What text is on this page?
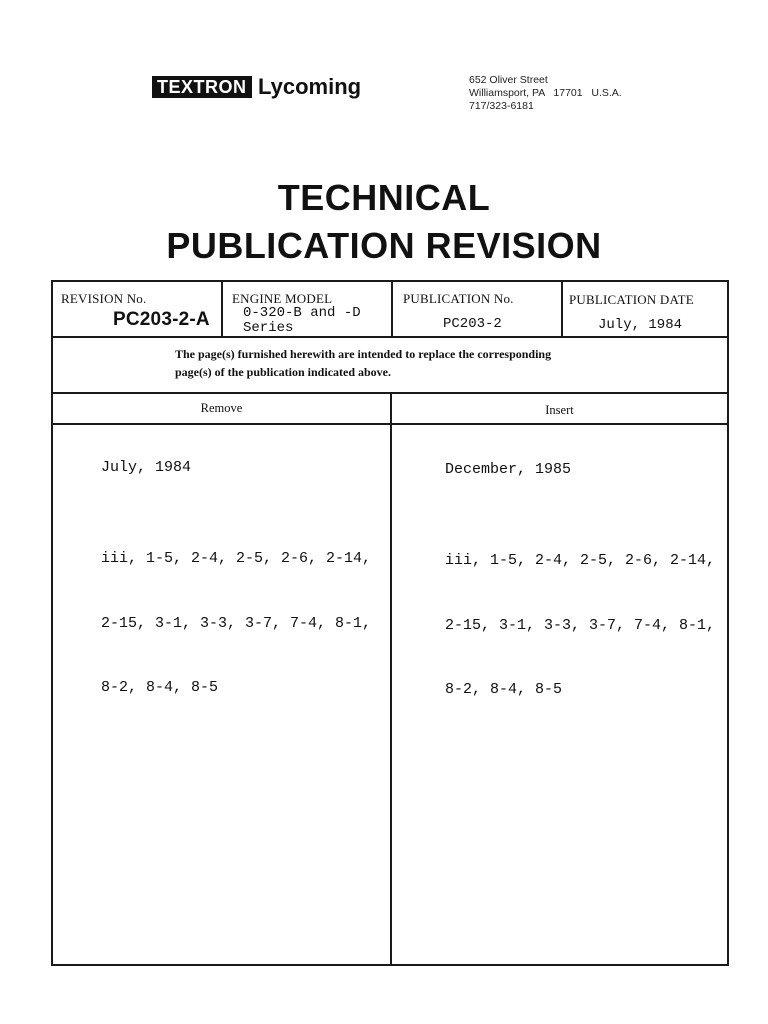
TEXTRON Lycoming	652 Oliver Street
Williamsport, PA   17701   U.S.A.
717/323-6181
TECHNICAL
PUBLICATION REVISION
REVISION No.
PC203-2-A
ENGINE MODEL
0-320-B and -D
Series
PUBLICATION No.
PC203-2
PUBLICATION DATE
July, 1984
The page(s) furnished herewith are intended to replace the corresponding
page(s) of the publication indicated above.
Remove	Insert
July, 1984

iii, 1-5, 2-4, 2-5, 2-6, 2-14,

2-15, 3-1, 3-3, 3-7, 7-4, 8-1,

8-2, 8-4, 8-5

December, 1985

iii, 1-5, 2-4, 2-5, 2-6, 2-14,

2-15, 3-1, 3-3, 3-7, 7-4, 8-1,

8-2, 8-4, 8-5
